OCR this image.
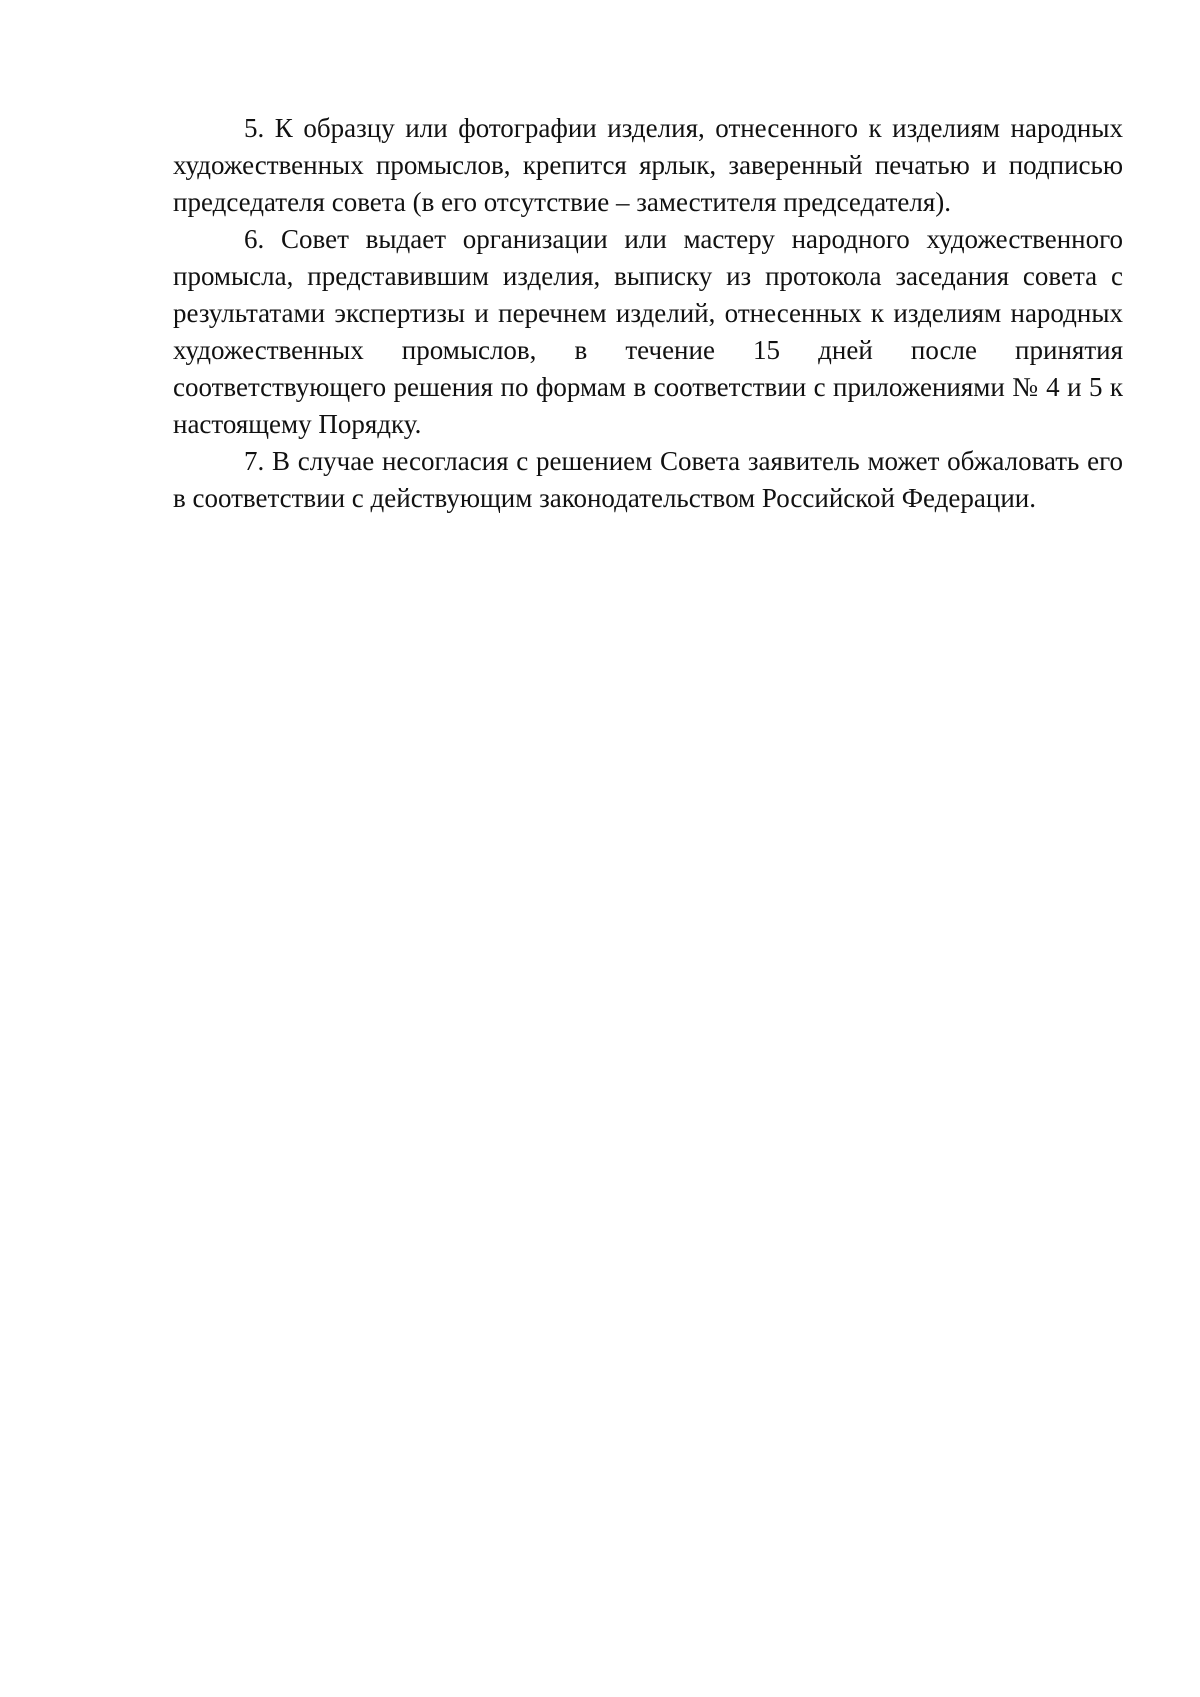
5. К образцу или фотографии изделия, отнесенного к изделиям народных художественных промыслов, крепится ярлык, заверенный печатью и подписью председателя совета (в его отсутствие – заместителя председателя).

6. Совет выдает организации или мастеру народного художественного промысла, представившим изделия, выписку из протокола заседания совета с результатами экспертизы и перечнем изделий, отнесенных к изделиям народных художественных промыслов, в течение 15 дней после принятия соответствующего решения по формам в соответствии с приложениями № 4 и 5 к настоящему Порядку.

7. В случае несогласия с решением Совета заявитель может обжаловать его в соответствии с действующим законодательством Российской Федерации.
